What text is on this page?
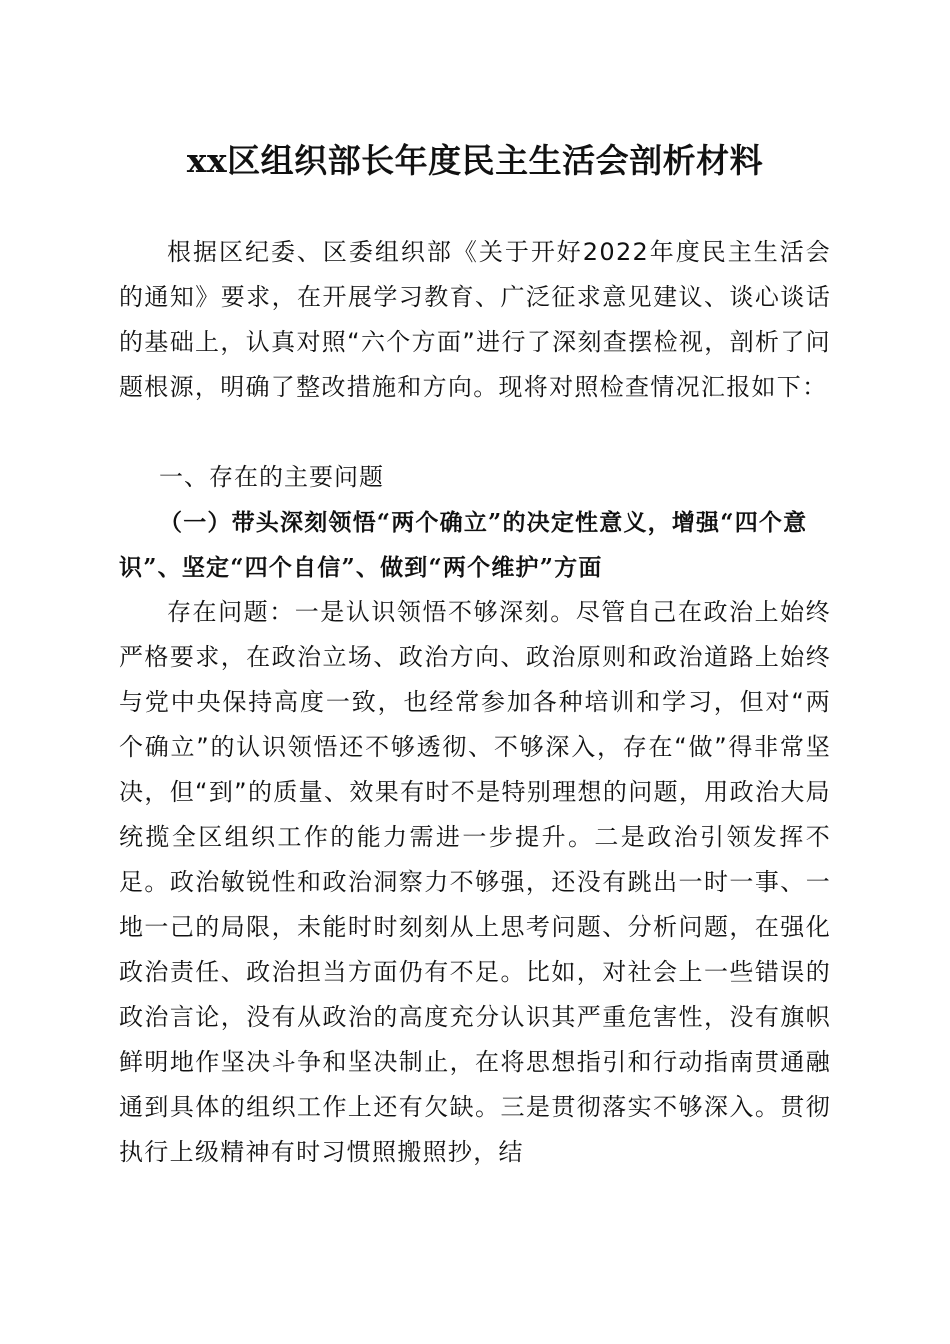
xx区组织部长年度民主生活会剖析材料

根据区纪委、区委组织部《关于开好2022年度民主生活会的通知》要求，在开展学习教育、广泛征求意见建议、谈心谈话的基础上，认真对照“六个方面”进行了深刻查摆检视，剖析了问题根源，明确了整改措施和方向。现将对照检查情况汇报如下：

一、存在的主要问题

（一）带头深刻领悟“两个确立”的决定性意义，增强“四个意识”、坚定“四个自信”、做到“两个维护”方面

存在问题：一是认识领悟不够深刻。尽管自己在政治上始终严格要求，在政治立场、政治方向、政治原则和政治道路上始终与党中央保持高度一致，也经常参加各种培训和学习，但对“两个确立”的认识领悟还不够透彻、不够深入，存在“做”得非常坚决，但“到”的质量、效果有时不是特别理想的问题，用政治大局统揽全区组织工作的能力需进一步提升。二是政治引领发挥不足。政治敏锐性和政治洞察力不够强，还没有跳出一时一事、一地一己的局限，未能时时刻刻从上思考问题、分析问题，在强化政治责任、政治担当方面仍有不足。比如，对社会上一些错误的政治言论，没有从政治的高度充分认识其严重危害性，没有旗帜鲜明地作坚决斗争和坚决制止，在将思想指引和行动指南贯通融通到具体的组织工作上还有欠缺。三是贯彻落实不够深入。贯彻执行上级精神有时习惯照搬照抄，结
